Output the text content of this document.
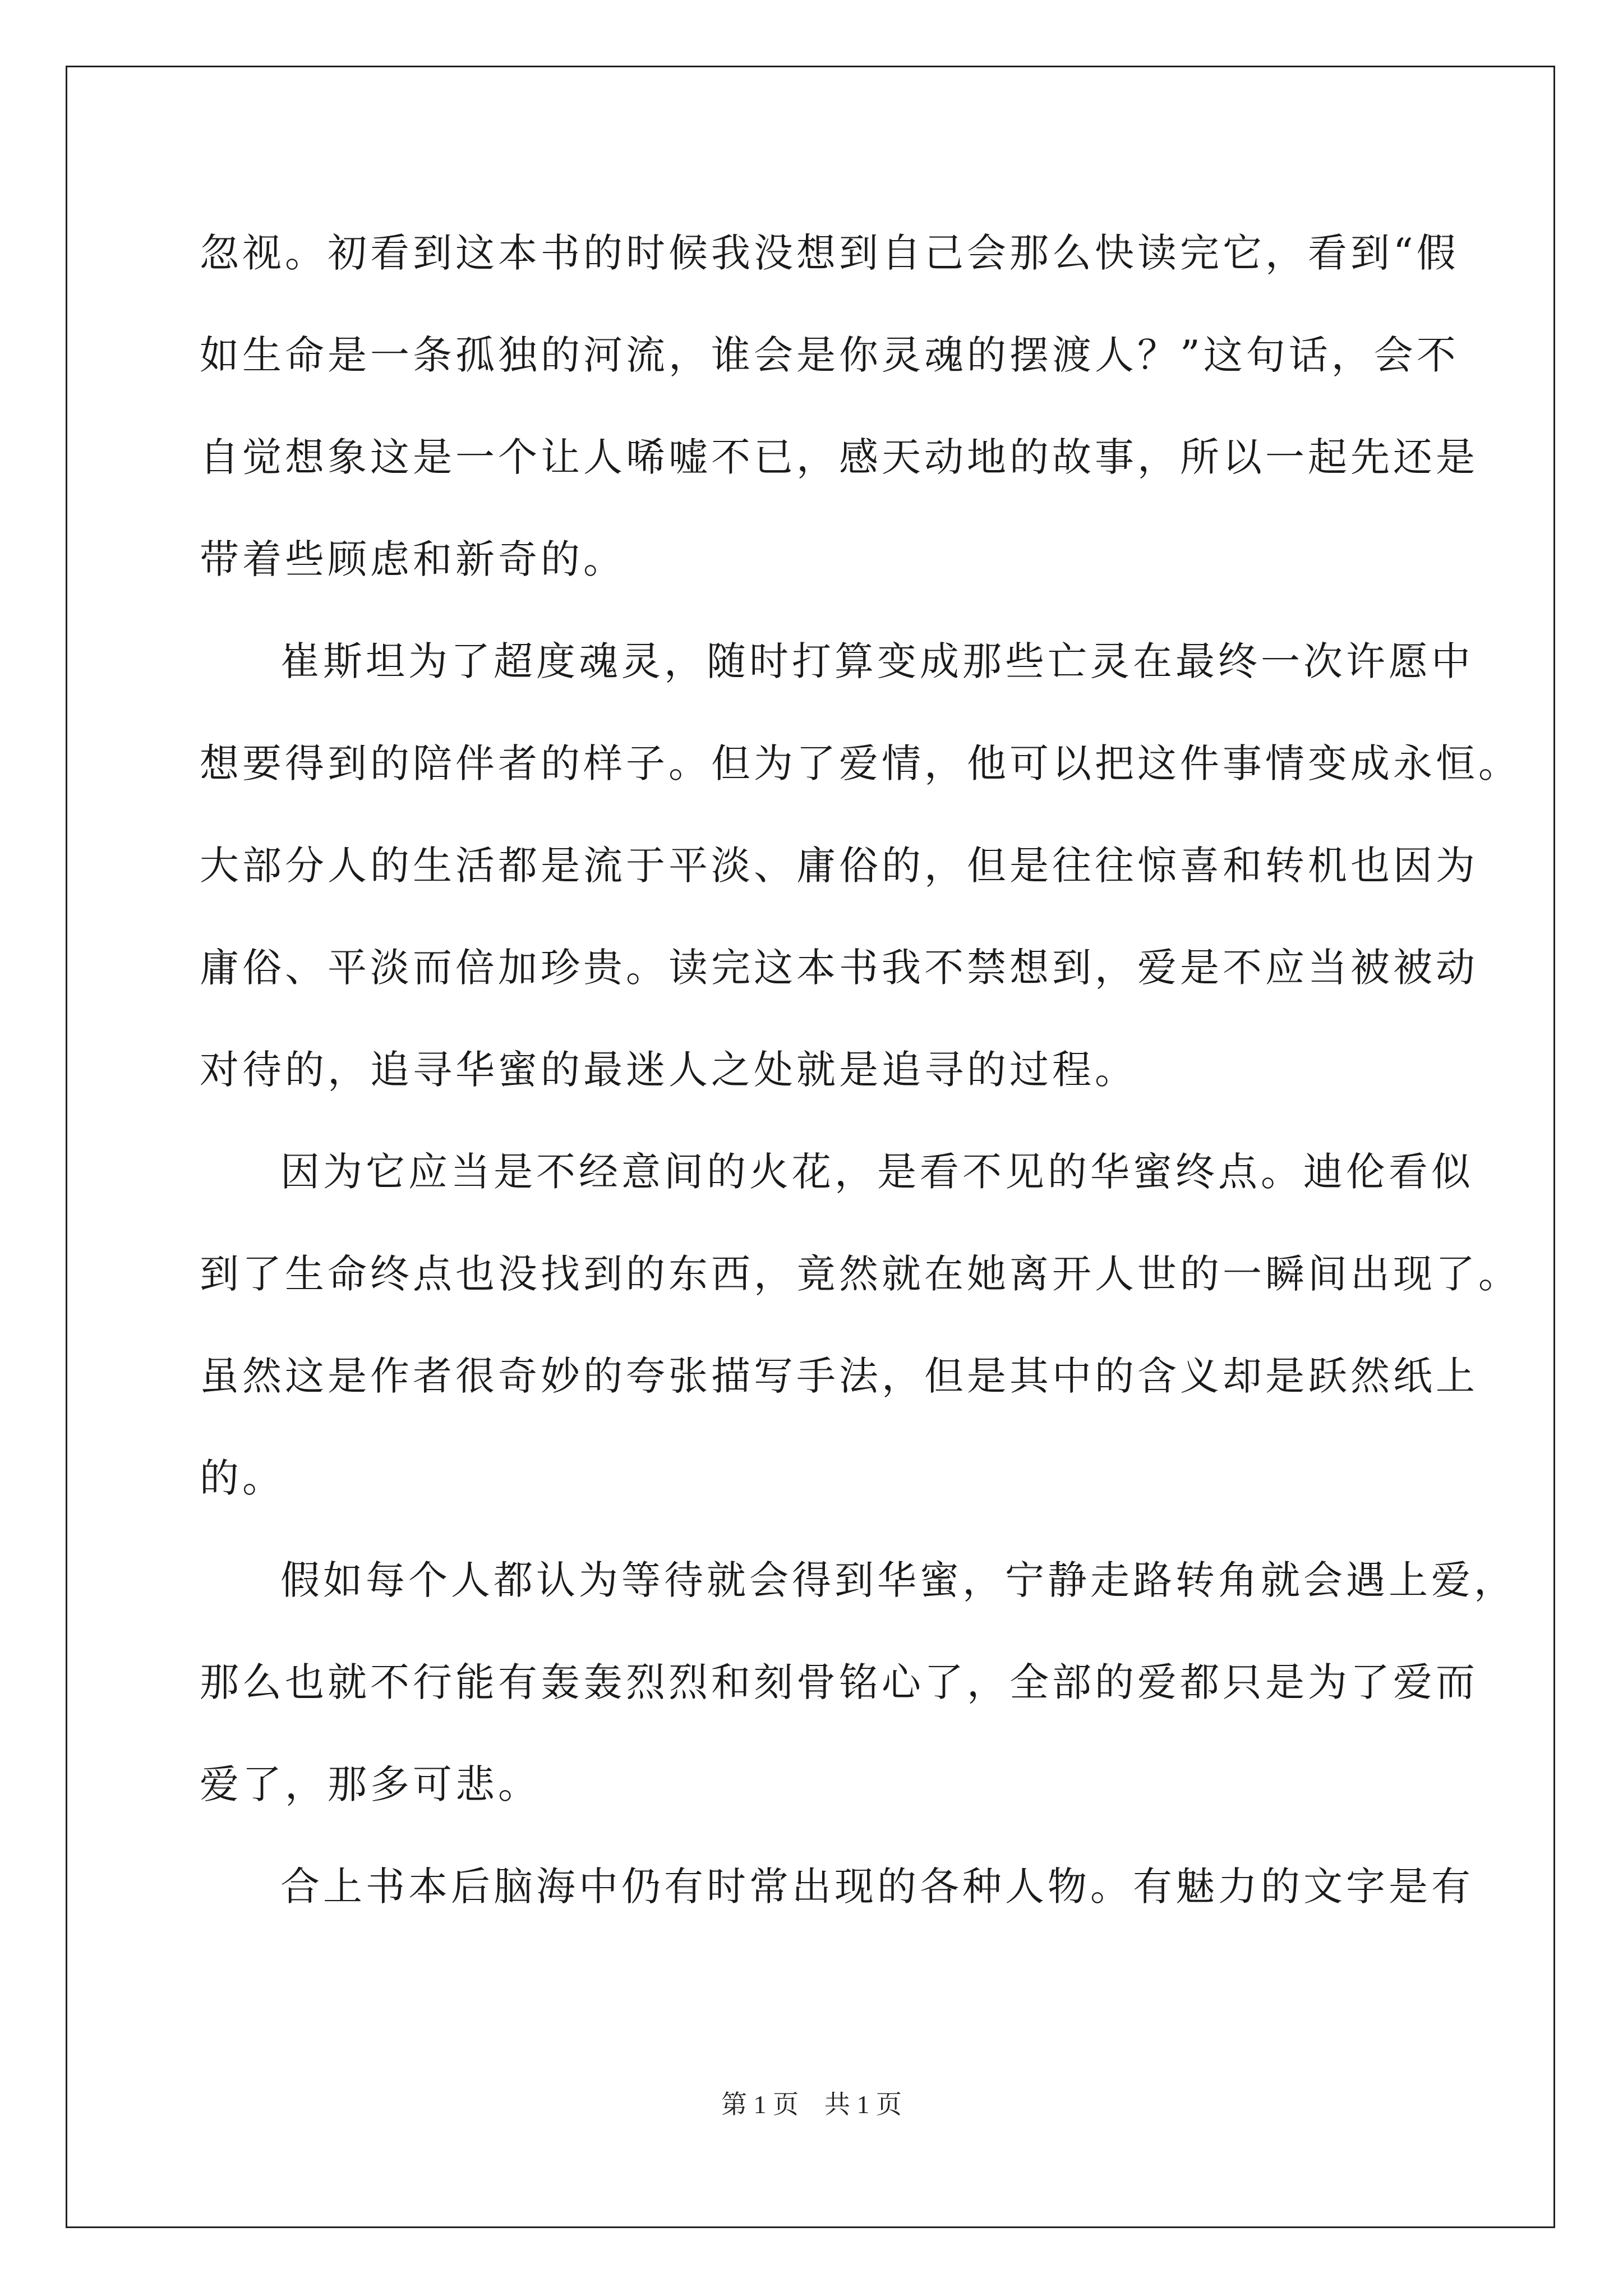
忽视。初看到这本书的时候我没想到自己会那么快读完它，看到“假
如生命是一条孤独的河流，谁会是你灵魂的摆渡人？”这句话，会不
自觉想象这是一个让人唏嘘不已，感天动地的故事，所以一起先还是
带着些顾虑和新奇的。
崔斯坦为了超度魂灵，随时打算变成那些亡灵在最终一次许愿中
想要得到的陪伴者的样子。但为了爱情，他可以把这件事情变成永恒。
大部分人的生活都是流于平淡、庸俗的，但是往往惊喜和转机也因为
庸俗、平淡而倍加珍贵。读完这本书我不禁想到，爱是不应当被被动
对待的，追寻华蜜的最迷人之处就是追寻的过程。
因为它应当是不经意间的火花，是看不见的华蜜终点。迪伦看似
到了生命终点也没找到的东西，竟然就在她离开人世的一瞬间出现了。
虽然这是作者很奇妙的夸张描写手法，但是其中的含义却是跃然纸上
的。
假如每个人都认为等待就会得到华蜜，宁静走路转角就会遇上爱，
那么也就不行能有轰轰烈烈和刻骨铭心了，全部的爱都只是为了爱而
爱了，那多可悲。
合上书本后脑海中仍有时常出现的各种人物。有魅力的文字是有
第 1 页    共 1 页
